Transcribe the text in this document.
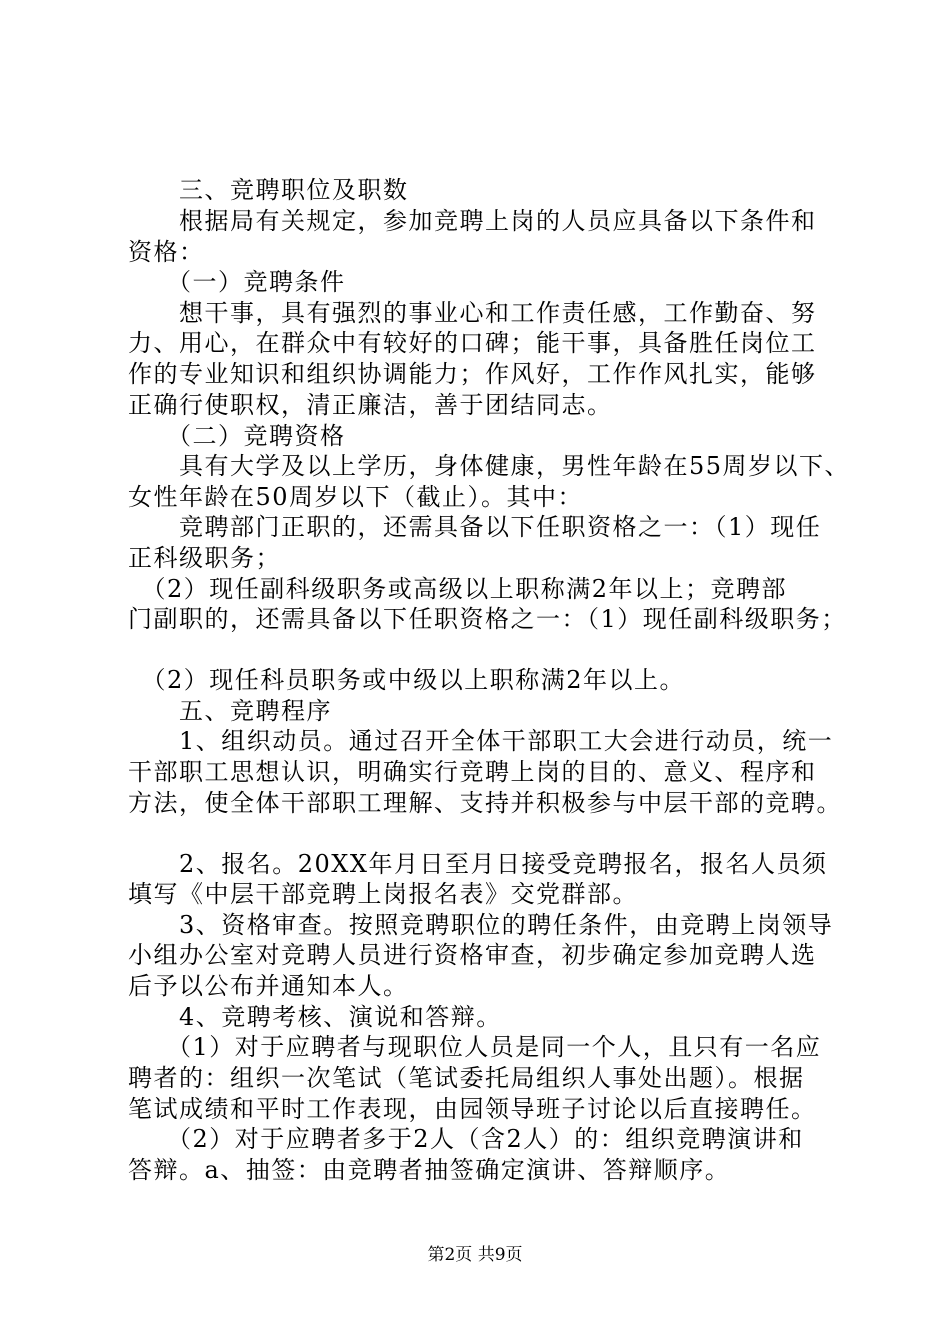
　　三、竞聘职位及职数
　　根据局有关规定，参加竞聘上岗的人员应具备以下条件和
资格：
　　（一）竞聘条件
　　想干事，具有强烈的事业心和工作责任感，工作勤奋、努
力、用心，在群众中有较好的口碑；能干事，具备胜任岗位工
作的专业知识和组织协调能力；作风好，工作作风扎实，能够
正确行使职权，清正廉洁，善于团结同志。
　　（二）竞聘资格
　　具有大学及以上学历，身体健康，男性年龄在55周岁以下、
女性年龄在50周岁以下（截止）。其中：
　　竞聘部门正职的，还需具备以下任职资格之一：（1）现任
正科级职务；
　（2）现任副科级职务或高级以上职称满2年以上；竞聘部
门副职的，还需具备以下任职资格之一：（1）现任副科级职务；
　（2）现任科员职务或中级以上职称满2年以上。
　　五、竞聘程序
　　1、组织动员。通过召开全体干部职工大会进行动员，统一
干部职工思想认识，明确实行竞聘上岗的目的、意义、程序和
方法，使全体干部职工理解、支持并积极参与中层干部的竞聘。
　　2、报名。20XX年月日至月日接受竞聘报名，报名人员须
填写《中层干部竞聘上岗报名表》交党群部。
　　3、资格审查。按照竞聘职位的聘任条件，由竞聘上岗领导
小组办公室对竞聘人员进行资格审查，初步确定参加竞聘人选
后予以公布并通知本人。
　　4、竞聘考核、演说和答辩。
　　（1）对于应聘者与现职位人员是同一个人，且只有一名应
聘者的：组织一次笔试（笔试委托局组织人事处出题）。根据
笔试成绩和平时工作表现，由园领导班子讨论以后直接聘任。
　　（2）对于应聘者多于2人（含2人）的：组织竞聘演讲和
答辩。a、抽签：由竞聘者抽签确定演讲、答辩顺序。
第2页 共9页
